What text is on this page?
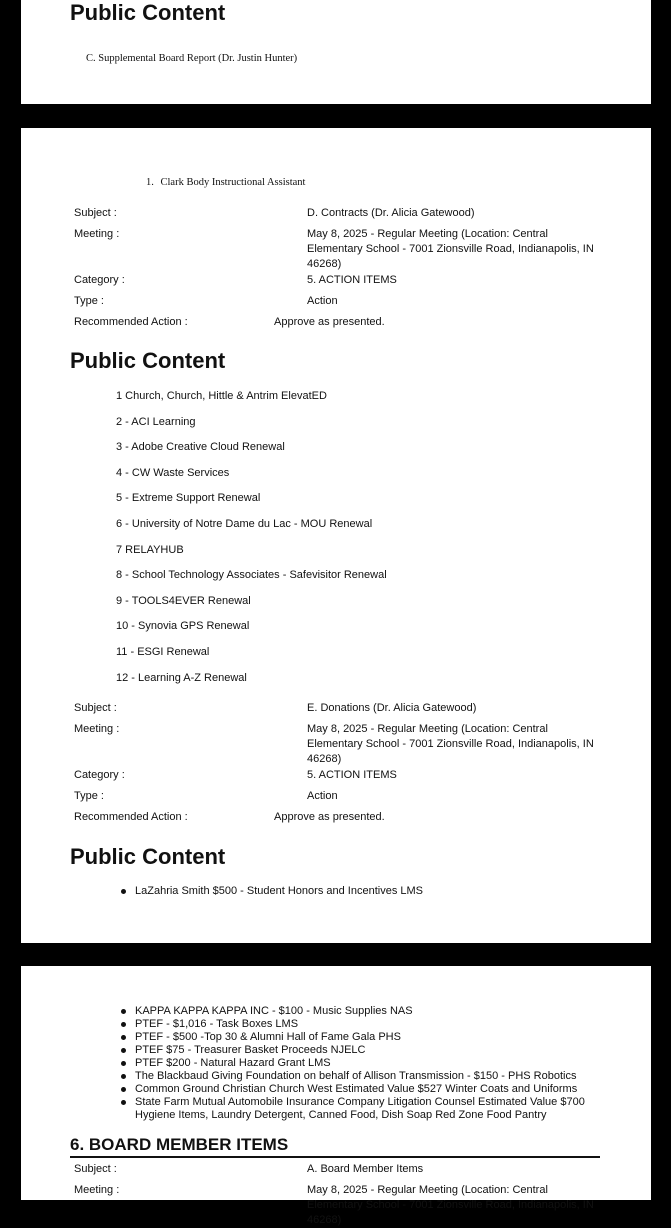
Public Content
C. Supplemental Board Report (Dr. Justin Hunter)
1. Clark Body Instructional Assistant
Subject :	D. Contracts (Dr. Alicia Gatewood)
Meeting :	May 8, 2025 - Regular Meeting (Location: Central Elementary School - 7001 Zionsville Road, Indianapolis, IN 46268)
Category :	5. ACTION ITEMS
Type :	Action
Recommended Action :	Approve as presented.
Public Content
1 Church, Church, Hittle & Antrim ElevatED
2 - ACI Learning
3 - Adobe Creative Cloud Renewal
4 - CW Waste Services
5 - Extreme Support Renewal
6 - University of Notre Dame du Lac - MOU Renewal
7 RELAYHUB
8 - School Technology Associates - Safevisitor Renewal
9 - TOOLS4EVER Renewal
10 - Synovia GPS Renewal
11 - ESGI Renewal
12 - Learning A-Z Renewal
Subject :	E. Donations (Dr. Alicia Gatewood)
Meeting :	May 8, 2025 - Regular Meeting (Location: Central Elementary School - 7001 Zionsville Road, Indianapolis, IN 46268)
Category :	5. ACTION ITEMS
Type :	Action
Recommended Action :	Approve as presented.
Public Content
LaZahria Smith $500 - Student Honors and Incentives LMS
KAPPA KAPPA KAPPA INC - $100 - Music Supplies NAS
PTEF - $1,016 - Task Boxes LMS
PTEF - $500 -Top 30 & Alumni Hall of Fame Gala PHS
PTEF $75 - Treasurer Basket Proceeds NJELC
PTEF $200 - Natural Hazard Grant LMS
The Blackbaud Giving Foundation on behalf of Allison Transmission - $150 - PHS Robotics
Common Ground Christian Church West Estimated Value $527 Winter Coats and Uniforms
State Farm Mutual Automobile Insurance Company Litigation Counsel Estimated Value $700 Hygiene Items, Laundry Detergent, Canned Food, Dish Soap Red Zone Food Pantry
6. BOARD MEMBER ITEMS
Subject :	A. Board Member Items
Meeting :	May 8, 2025 - Regular Meeting (Location: Central Elementary School - 7001 Zionsville Road, Indianapolis, IN 46268)
